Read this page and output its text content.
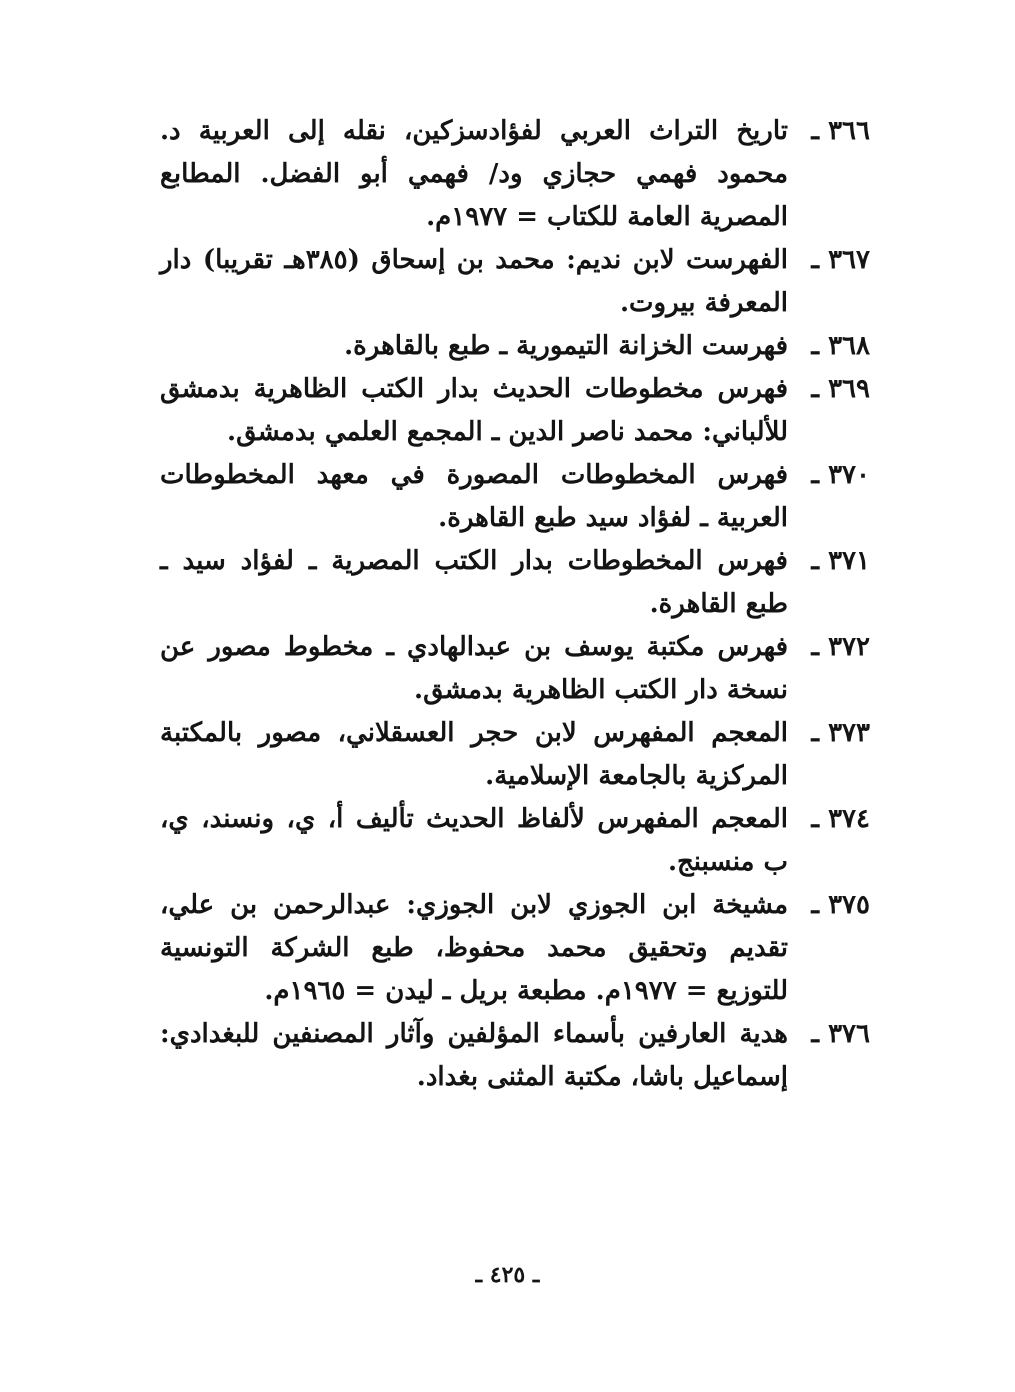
٣٦٦ ـ
تاريخ التراث العربي لفؤادسزكين، نقله إلى العربية د. محمود فهمي حجازي ود/ فهمي أبو الفضل. المطابع المصرية العامة للكتاب = ١٩٧٧م.
٣٦٧ ـ
الفهرست لابن نديم: محمد بن إسحاق (٣٨٥هـ تقريبا) دار المعرفة بيروت.
٣٦٨ ـ
فهرست الخزانة التيمورية ـ طبع بالقاهرة.
٣٦٩ ـ
فهرس مخطوطات الحديث بدار الكتب الظاهرية بدمشق للألباني: محمد ناصر الدين ـ المجمع العلمي بدمشق.
٣٧٠ ـ
فهرس المخطوطات المصورة في معهد المخطوطات العربية ـ لفؤاد سيد طبع القاهرة.
٣٧١ ـ
فهرس المخطوطات بدار الكتب المصرية ـ لفؤاد سيد ـ طبع القاهرة.
٣٧٢ ـ
فهرس مكتبة يوسف بن عبدالهادي ـ مخطوط مصور عن نسخة دار الكتب الظاهرية بدمشق.
٣٧٣ ـ
المعجم المفهرس لابن حجر العسقلاني، مصور بالمكتبة المركزية بالجامعة الإسلامية.
٣٧٤ ـ
المعجم المفهرس لألفاظ الحديث تأليف أ، ي، ونسند، ي، ب منسبنج.
٣٧٥ ـ
مشيخة ابن الجوزي لابن الجوزي: عبدالرحمن بن علي، تقديم وتحقيق محمد محفوظ، طبع الشركة التونسية للتوزيع = ١٩٧٧م. مطبعة بريل ـ ليدن = ١٩٦٥م.
٣٧٦ ـ
هدية العارفين بأسماء المؤلفين وآثار المصنفين للبغدادي: إسماعيل باشا، مكتبة المثنى بغداد.
ـ ٤٢٥ ـ
